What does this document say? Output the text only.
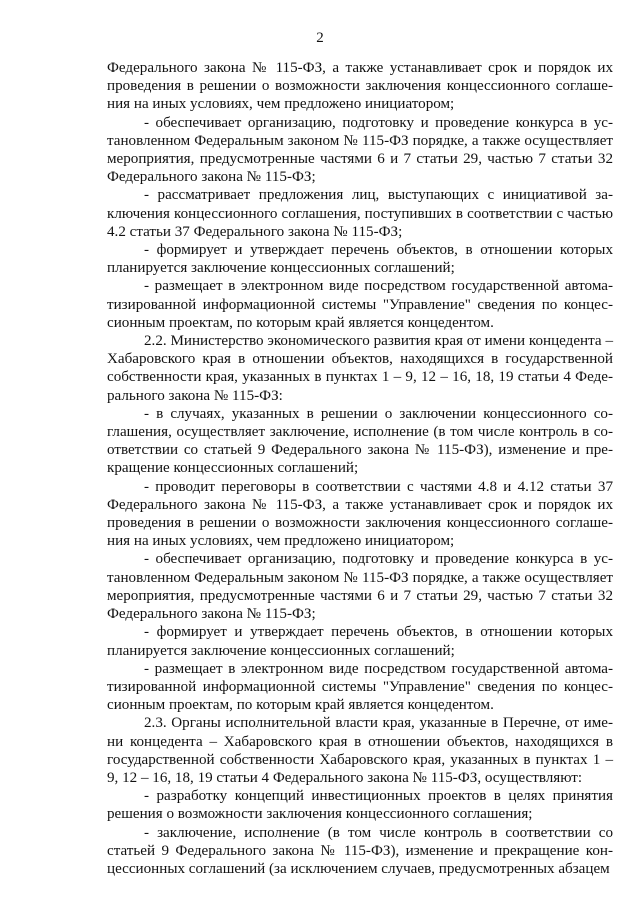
2

Федерального закона № 115-ФЗ, а также устанавливает срок и порядок их проведения в решении о возможности заключения концессионного соглашения на иных условиях, чем предложено инициатором;

- обеспечивает организацию, подготовку и проведение конкурса в установленном Федеральным законом № 115-ФЗ порядке, а также осуществляет мероприятия, предусмотренные частями 6 и 7 статьи 29, частью 7 статьи 32 Федерального закона № 115-ФЗ;

- рассматривает предложения лиц, выступающих с инициативой заключения концессионного соглашения, поступивших в соответствии с частью 4.2 статьи 37 Федерального закона № 115-ФЗ;

- формирует и утверждает перечень объектов, в отношении которых планируется заключение концессионных соглашений;

- размещает в электронном виде посредством государственной автоматизированной информационной системы "Управление" сведения по концессионным проектам, по которым край является концедентом.

2.2. Министерство экономического развития края от имени концедента – Хабаровского края в отношении объектов, находящихся в государственной собственности края, указанных в пунктах 1 – 9, 12 – 16, 18, 19 статьи 4 Федерального закона № 115-ФЗ:

- в случаях, указанных в решении о заключении концессионного соглашения, осуществляет заключение, исполнение (в том числе контроль в соответствии со статьей 9 Федерального закона № 115-ФЗ), изменение и прекращение концессионных соглашений;

- проводит переговоры в соответствии с частями 4.8 и 4.12 статьи 37 Федерального закона № 115-ФЗ, а также устанавливает срок и порядок их проведения в решении о возможности заключения концессионного соглашения на иных условиях, чем предложено инициатором;

- обеспечивает организацию, подготовку и проведение конкурса в установленном Федеральным законом № 115-ФЗ порядке, а также осуществляет мероприятия, предусмотренные частями 6 и 7 статьи 29, частью 7 статьи 32 Федерального закона № 115-ФЗ;

- формирует и утверждает перечень объектов, в отношении которых планируется заключение концессионных соглашений;

- размещает в электронном виде посредством государственной автоматизированной информационной системы "Управление" сведения по концессионным проектам, по которым край является концедентом.

2.3. Органы исполнительной власти края, указанные в Перечне, от имени концедента – Хабаровского края в отношении объектов, находящихся в государственной собственности Хабаровского края, указанных в пунктах 1 – 9, 12 – 16, 18, 19 статьи 4 Федерального закона № 115-ФЗ, осуществляют:

- разработку концепций инвестиционных проектов в целях принятия решения о возможности заключения концессионного соглашения;

- заключение, исполнение (в том числе контроль в соответствии со статьей 9 Федерального закона № 115-ФЗ), изменение и прекращение концессионных соглашений (за исключением случаев, предусмотренных абзацем
